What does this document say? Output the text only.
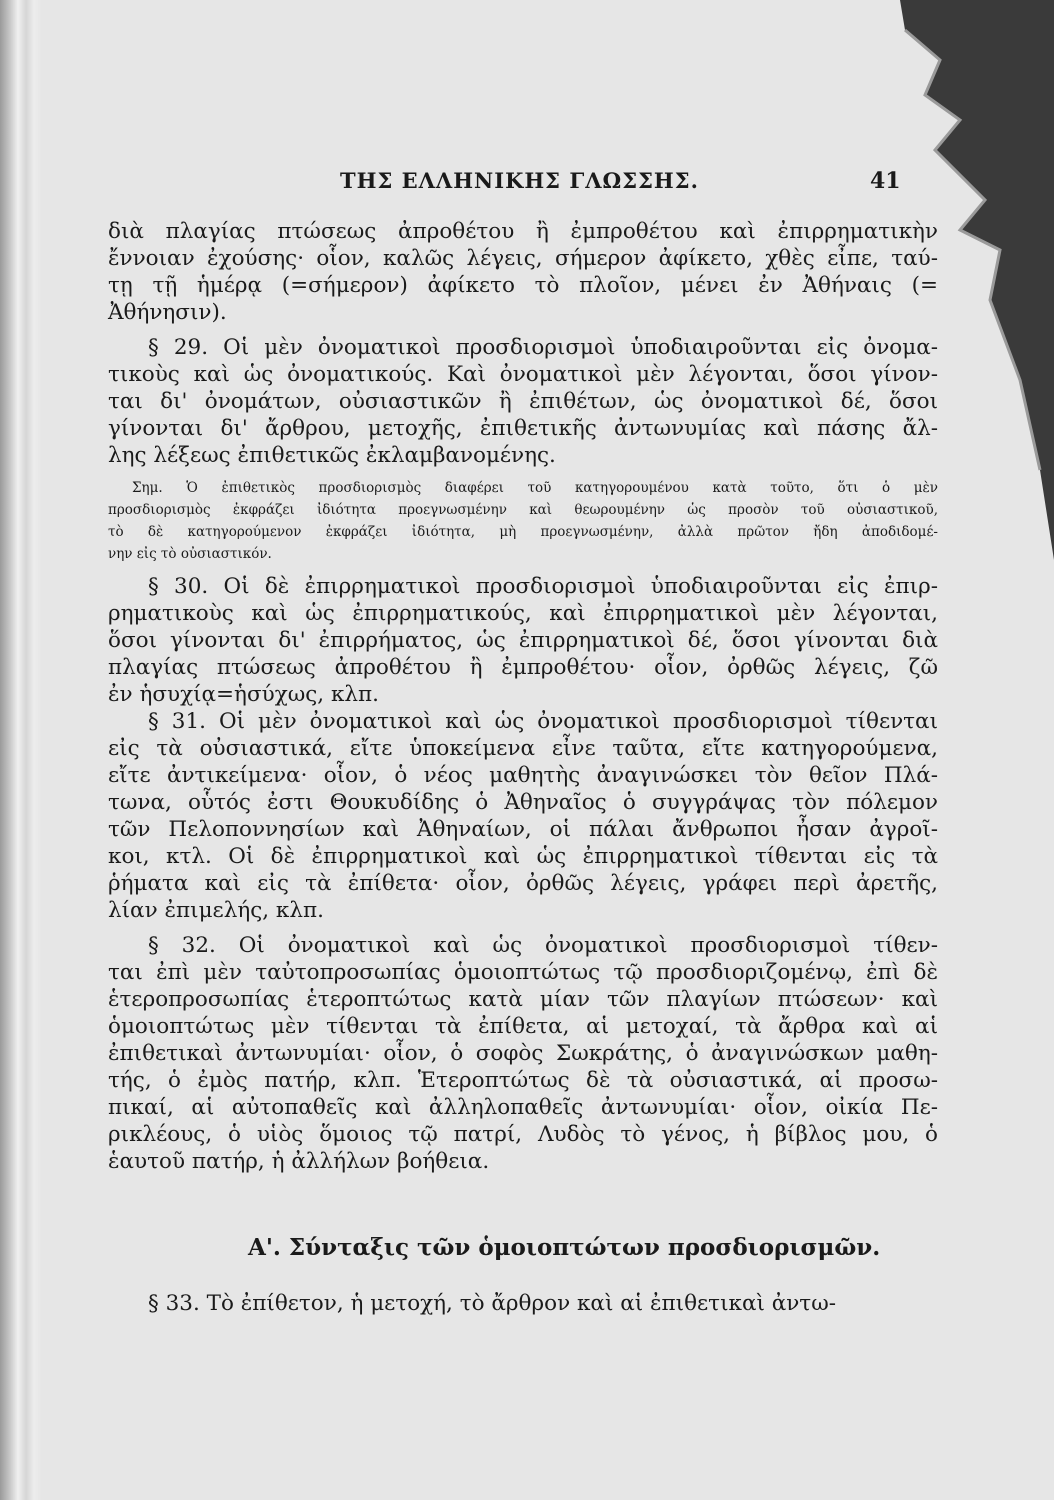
ΤΗΣ ΕΛΛΗΝΙΚΗΣ ΓΛΩΣΣΗΣ.	41
διὰ πλαγίας πτώσεως ἀπροθέτου ἢ ἐμπροθέτου καὶ ἐπιρρηματικὴν
ἔννοιαν ἐχούσης· οἷον, καλῶς λέγεις, σήμερον ἀφίκετο, χθὲς εἶπε, ταύ-
τῃ τῇ ἡμέρᾳ (=σήμερον) ἀφίκετο τὸ πλοῖον, μένει ἐν Ἀθήναις (=
Ἀθήνησιν).
§ 29. Οἱ μὲν ὀνοματικοὶ προσδιορισμοὶ ὑποδιαιροῦνται εἰς ὀνομα-
τικοὺς καὶ ὡς ὀνοματικούς. Καὶ ὀνοματικοὶ μὲν λέγονται, ὅσοι γίνον-
ται δι' ὀνομάτων, οὐσιαστικῶν ἢ ἐπιθέτων, ὡς ὀνοματικοὶ δέ, ὅσοι
γίνονται δι' ἄρθρου, μετοχῆς, ἐπιθετικῆς ἀντωνυμίας καὶ πάσης ἄλ-
λης λέξεως ἐπιθετικῶς ἐκλαμβανομένης.
Σημ. Ὁ ἐπιθετικὸς προσδιορισμὸς διαφέρει τοῦ κατηγορουμένου κατὰ τοῦτο, ὅτι ὁ μὲν
προσδιορισμὸς ἐκφράζει ἰδιότητα προεγνωσμένην καὶ θεωρουμένην ὡς προσὸν τοῦ οὐσιαστικοῦ,
τὸ δὲ κατηγορούμενον ἐκφράζει ἰδιότητα, μὴ προεγνωσμένην, ἀλλὰ πρῶτον ἤδη ἀποδιδομέ-
νην εἰς τὸ οὐσιαστικόν.
§ 30. Οἱ δὲ ἐπιρρηματικοὶ προσδιορισμοὶ ὑποδιαιροῦνται εἰς ἐπιρ-
ρηματικοὺς καὶ ὡς ἐπιρρηματικούς, καὶ ἐπιρρηματικοὶ μὲν λέγονται,
ὅσοι γίνονται δι' ἐπιρρήματος, ὡς ἐπιρρηματικοὶ δέ, ὅσοι γίνονται διὰ
πλαγίας πτώσεως ἀπροθέτου ἢ ἐμπροθέτου· οἷον, ὀρθῶς λέγεις, ζῶ
ἐν ἡσυχίᾳ=ἡσύχως, κλπ.
§ 31. Οἱ μὲν ὀνοματικοὶ καὶ ὡς ὀνοματικοὶ προσδιορισμοὶ τίθενται
εἰς τὰ οὐσιαστικά, εἴτε ὑποκείμενα εἶνε ταῦτα, εἴτε κατηγορούμενα,
εἴτε ἀντικείμενα· οἷον, ὁ νέος μαθητὴς ἀναγινώσκει τὸν θεῖον Πλά-
τωνα, οὗτός ἐστι Θουκυδίδης ὁ Ἀθηναῖος ὁ συγγράψας τὸν πόλεμον
τῶν Πελοποννησίων καὶ Ἀθηναίων, οἱ πάλαι ἄνθρωποι ἦσαν ἀγροῖ-
κοι, κτλ. Οἱ δὲ ἐπιρρηματικοὶ καὶ ὡς ἐπιρρηματικοὶ τίθενται εἰς τὰ
ῥήματα καὶ εἰς τὰ ἐπίθετα· οἷον, ὀρθῶς λέγεις, γράφει περὶ ἀρετῆς,
λίαν ἐπιμελής, κλπ.
§ 32. Οἱ ὀνοματικοὶ καὶ ὡς ὀνοματικοὶ προσδιορισμοὶ τίθεν-
ται ἐπὶ μὲν ταὐτοπροσωπίας ὁμοιοπτώτως τῷ προσδιοριζομένῳ, ἐπὶ δὲ
ἑτεροπροσωπίας ἑτεροπτώτως κατὰ μίαν τῶν πλαγίων πτώσεων· καὶ
ὁμοιοπτώτως μὲν τίθενται τὰ ἐπίθετα, αἱ μετοχαί, τὰ ἄρθρα καὶ αἱ
ἐπιθετικαὶ ἀντωνυμίαι· οἷον, ὁ σοφὸς Σωκράτης, ὁ ἀναγινώσκων μαθη-
τής, ὁ ἐμὸς πατήρ, κλπ. Ἑτεροπτώτως δὲ τὰ οὐσιαστικά, αἱ προσω-
πικαί, αἱ αὐτοπαθεῖς καὶ ἀλληλοπαθεῖς ἀντωνυμίαι· οἷον, οἰκία Πε-
ρικλέους, ὁ υἱὸς ὅμοιος τῷ πατρί, Λυδὸς τὸ γένος, ἡ βίβλος μου, ὁ
ἑαυτοῦ πατήρ, ἡ ἀλλήλων βοήθεια.
Α'. Σύνταξις τῶν ὁμοιοπτώτων προσδιορισμῶν.
§ 33. Τὸ ἐπίθετον, ἡ μετοχή, τὸ ἄρθρον καὶ αἱ ἐπιθετικαὶ ἀντω-
